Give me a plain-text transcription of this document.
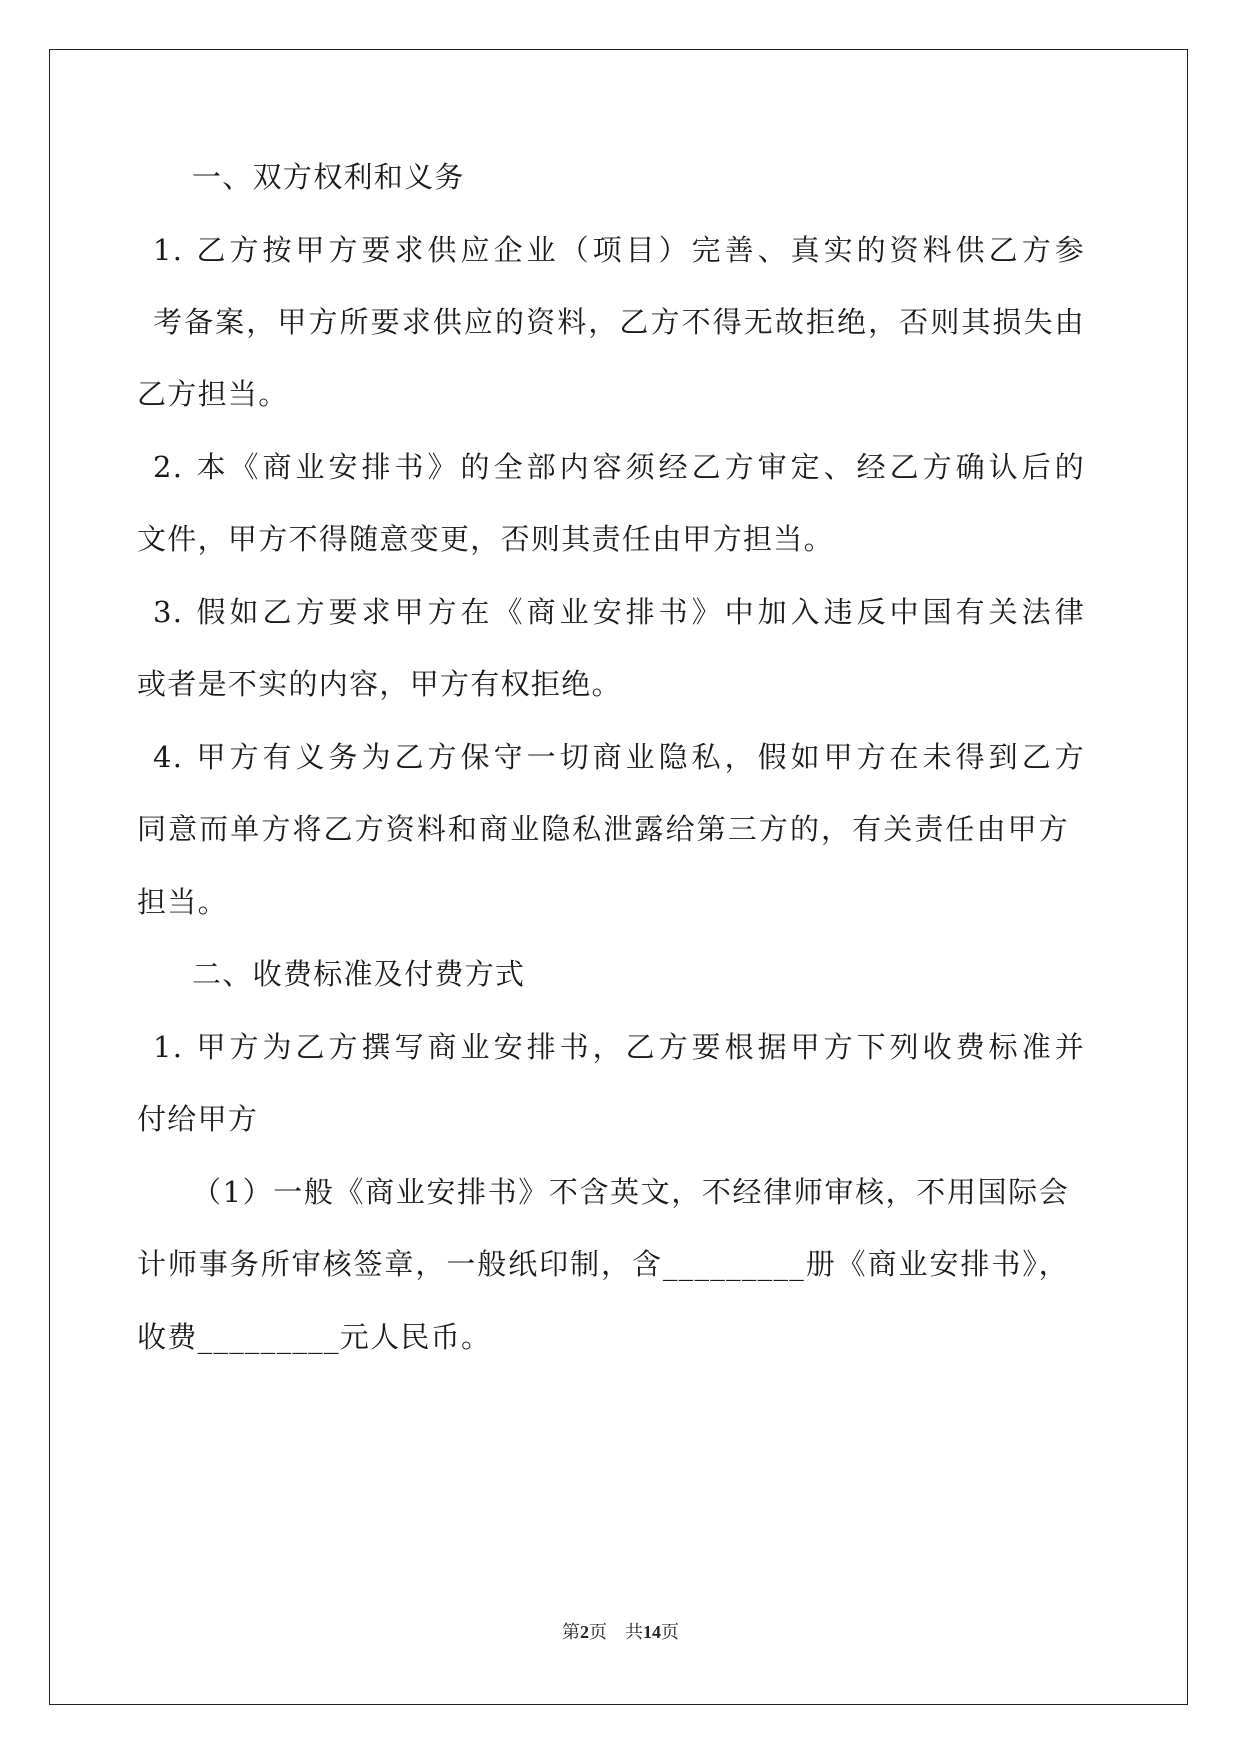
一、双方权利和义务

1. 乙方按甲方要求供应企业（项目）完善、真实的资料供乙方参

考备案，甲方所要求供应的资料，乙方不得无故拒绝，否则其损失由

乙方担当。

2. 本《商业安排书》的全部内容须经乙方审定、经乙方确认后的

文件，甲方不得随意变更，否则其责任由甲方担当。

3. 假如乙方要求甲方在《商业安排书》中加入违反中国有关法律

或者是不实的内容，甲方有权拒绝。

4. 甲方有义务为乙方保守一切商业隐私，假如甲方在未得到乙方

同意而单方将乙方资料和商业隐私泄露给第三方的，有关责任由甲方

担当。

二、收费标准及付费方式

1. 甲方为乙方撰写商业安排书，乙方要根据甲方下列收费标准并

付给甲方

（1）一般《商业安排书》不含英文，不经律师审核，不用国际会

计师事务所审核签章，一般纸印制，含_________册《商业安排书》，

收费_________元人民币。

第2页 共14页
